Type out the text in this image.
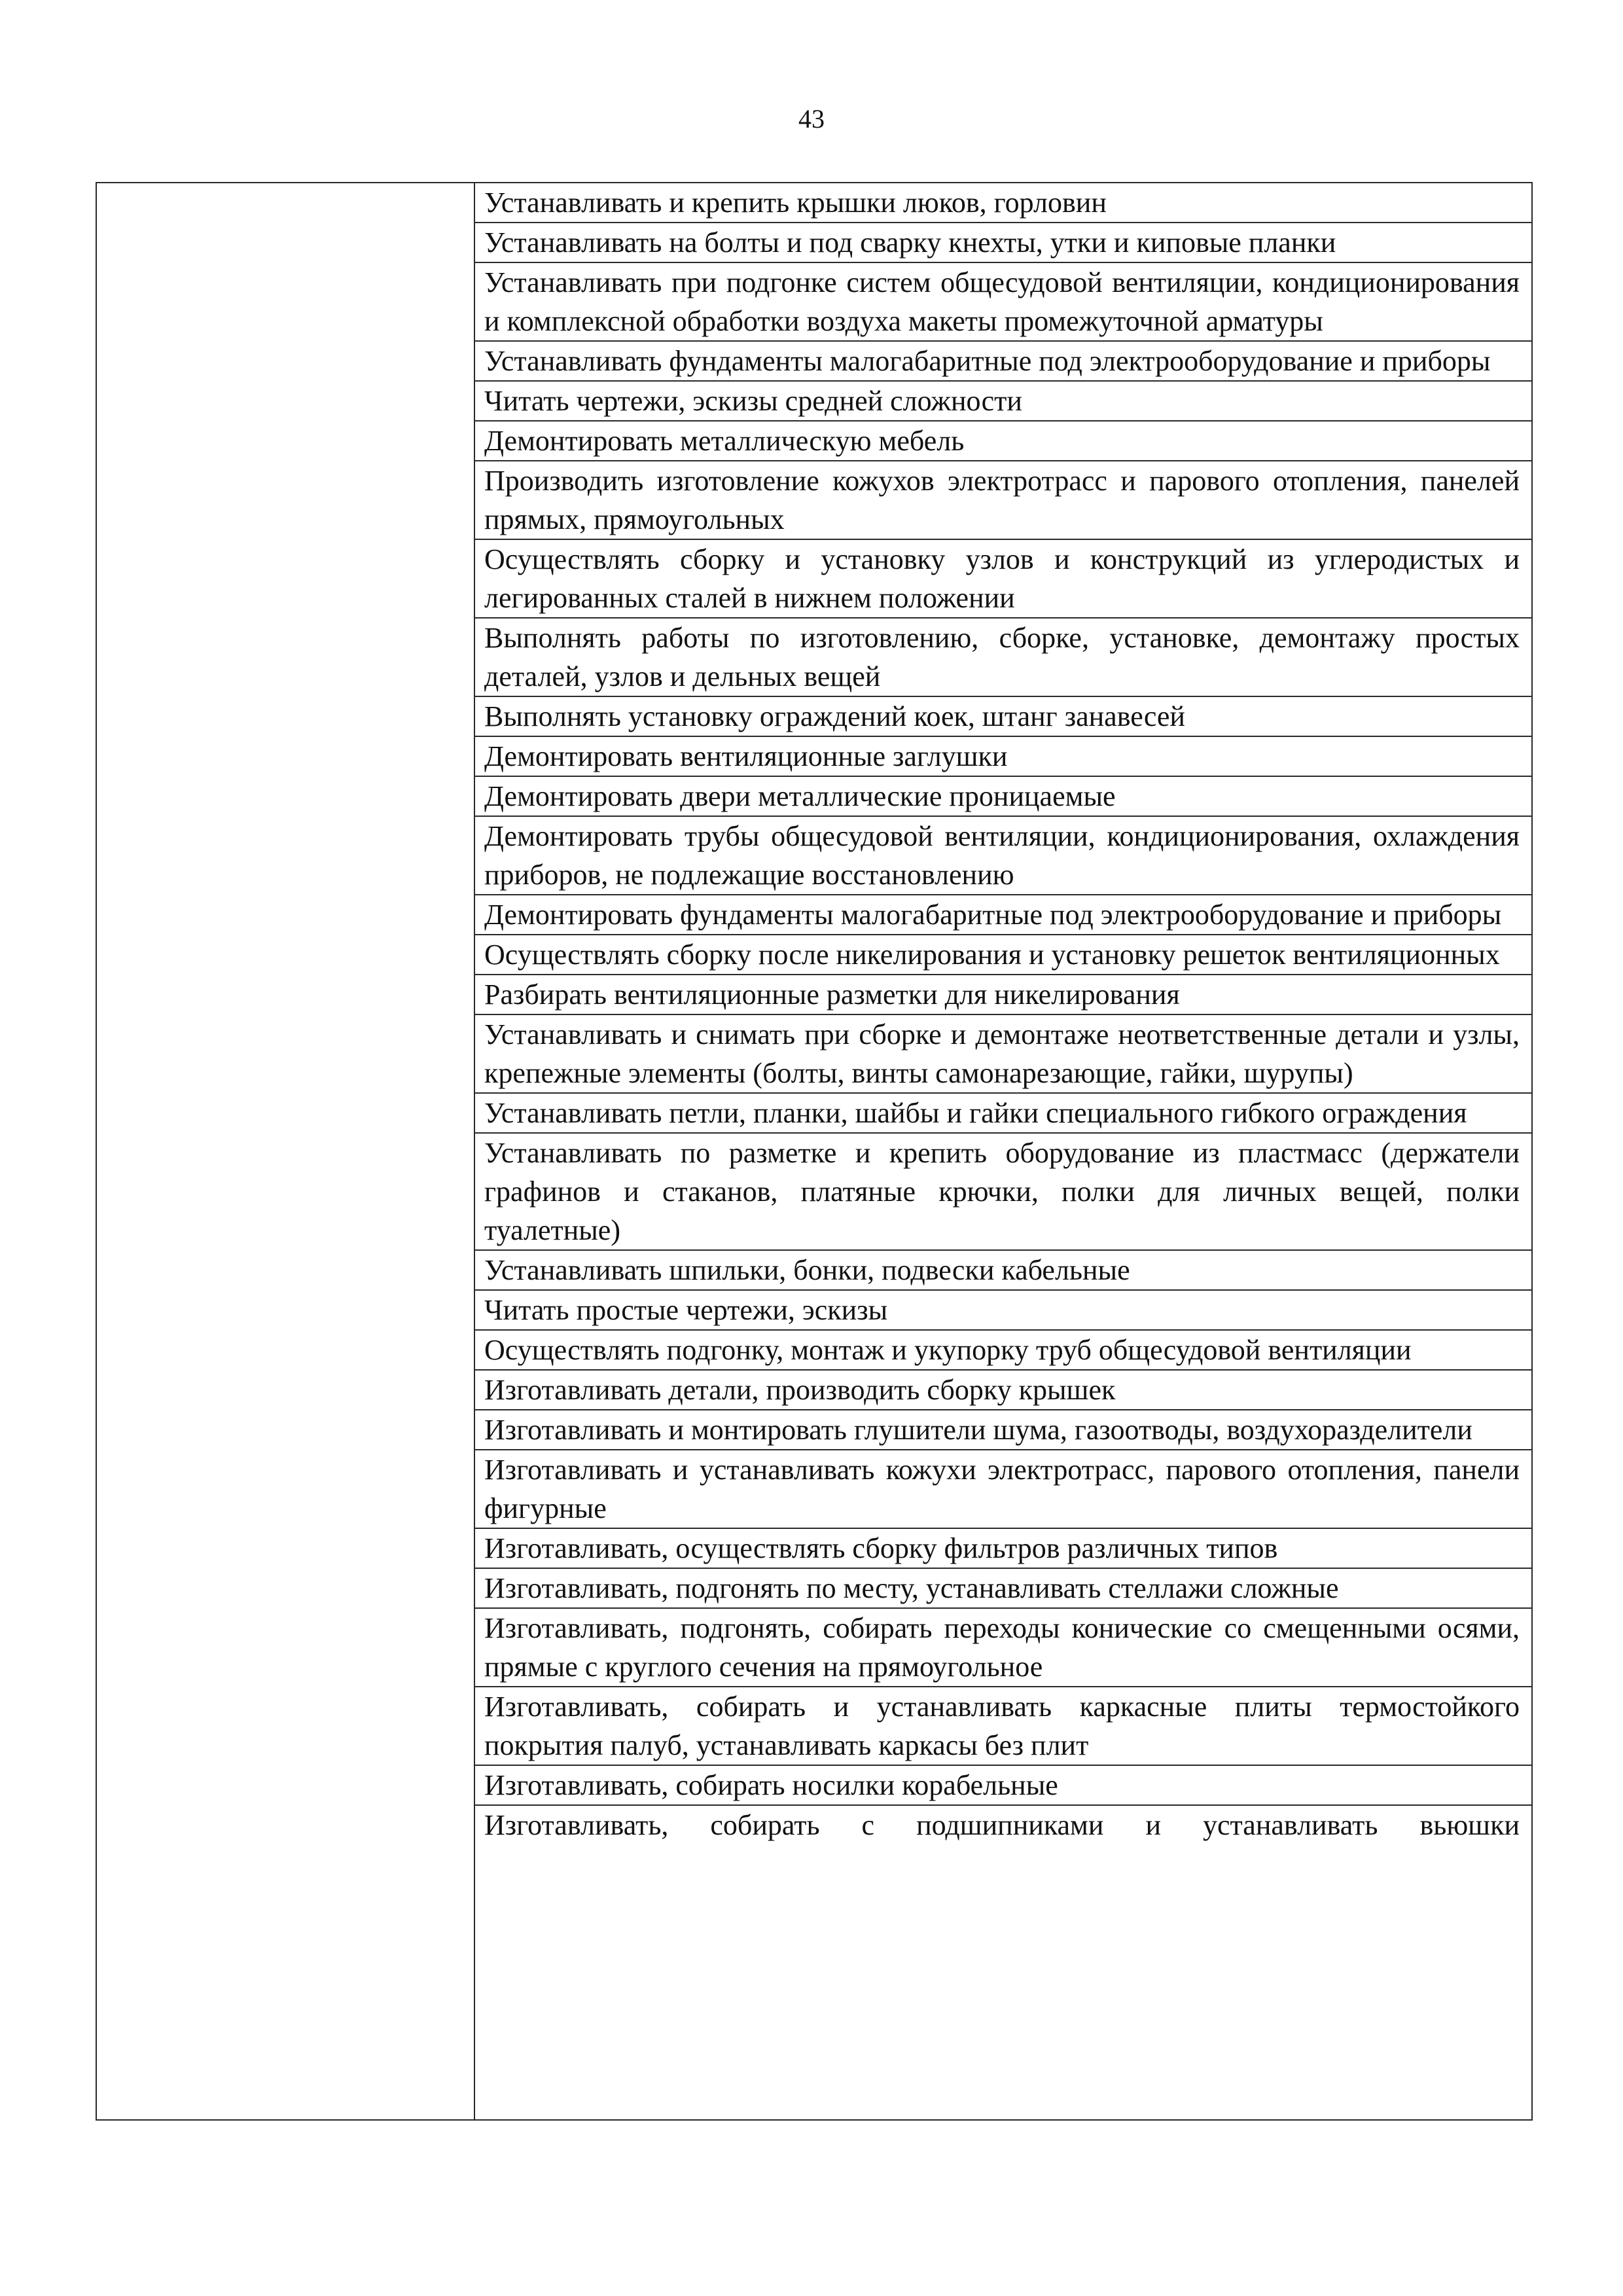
43

Устанавливать и крепить крышки люков, горловин
Устанавливать на болты и под сварку кнехты, утки и киповые планки
Устанавливать при подгонке систем общесудовой вентиляции, кондиционирования и комплексной обработки воздуха макеты промежуточной арматуры
Устанавливать фундаменты малогабаритные под электрооборудование и приборы
Читать чертежи, эскизы средней сложности
Демонтировать металлическую мебель
Производить изготовление кожухов электротрасс и парового отопления, панелей прямых, прямоугольных
Осуществлять сборку и установку узлов и конструкций из углеродистых и легированных сталей в нижнем положении
Выполнять работы по изготовлению, сборке, установке, демонтажу простых деталей, узлов и дельных вещей
Выполнять установку ограждений коек, штанг занавесей
Демонтировать вентиляционные заглушки
Демонтировать двери металлические проницаемые
Демонтировать трубы общесудовой вентиляции, кондиционирования, охлаждения приборов, не подлежащие восстановлению
Демонтировать фундаменты малогабаритные под электрооборудование и приборы
Осуществлять сборку после никелирования и установку решеток вентиляционных
Разбирать вентиляционные разметки для никелирования
Устанавливать и снимать при сборке и демонтаже неответственные детали и узлы, крепежные элементы (болты, винты самонарезающие, гайки, шурупы)
Устанавливать петли, планки, шайбы и гайки специального гибкого ограждения
Устанавливать по разметке и крепить оборудование из пластмасс (держатели графинов и стаканов, платяные крючки, полки для личных вещей, полки туалетные)
Устанавливать шпильки, бонки, подвески кабельные
Читать простые чертежи, эскизы
Осуществлять подгонку, монтаж и укупорку труб общесудовой вентиляции
Изготавливать детали, производить сборку крышек
Изготавливать и монтировать глушители шума, газоотводы, воздухоразделители
Изготавливать и устанавливать кожухи электротрасс, парового отопления, панели фигурные
Изготавливать, осуществлять сборку фильтров различных типов
Изготавливать, подгонять по месту, устанавливать стеллажи сложные
Изготавливать, подгонять, собирать переходы конические со смещенными осями, прямые с круглого сечения на прямоугольное
Изготавливать, собирать и устанавливать каркасные плиты термостойкого покрытия палуб, устанавливать каркасы без плит
Изготавливать, собирать носилки корабельные
Изготавливать, собирать с подшипниками и устанавливать вьюшки
